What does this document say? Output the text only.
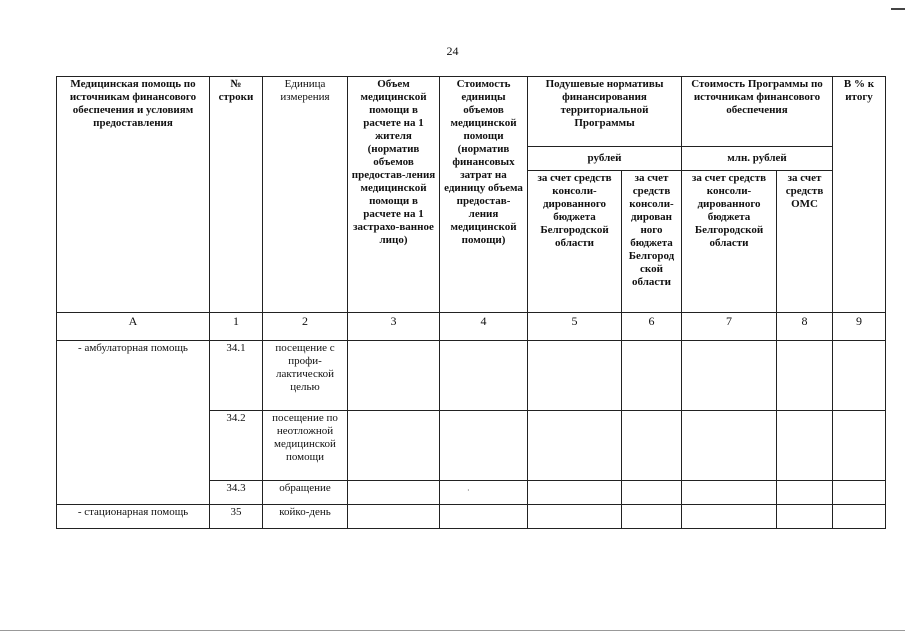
24
Медицинская помощь по источникам финансового обеспечения и условиям предоставления	№ строки	Единица измерения	Объем медицинской помощи в расчете на 1 жителя (норматив объемов предостав-ления медицинской помощи в расчете на 1 застрахо-ванное лицо)	Стоимость единицы объемов медицинской помощи (норматив финансовых затрат на единицу объема предостав-ления медицинской помощи)	Подушевые нормативы финансирования территориальной Программы		Стоимость Программы по источникам финансового обеспечения		В % к итогу
					рублей		млн. рублей		
					за счет средств консоли-дированного бюджета Белгородской области	за счет средств консоли-дирован ного бюджета Белгород ской области	за счет средств консоли-дированного бюджета Белгородской области	за счет средств ОМС	
А	1	2	3	4	5	6	7	8	9
- амбулаторная помощь	34.1	посещение с профи-лактической целью							
	34.2	посещение по неотложной медицинской помощи							
	34.3	обращение							
- стационарная помощь	35	койко-день							
·
